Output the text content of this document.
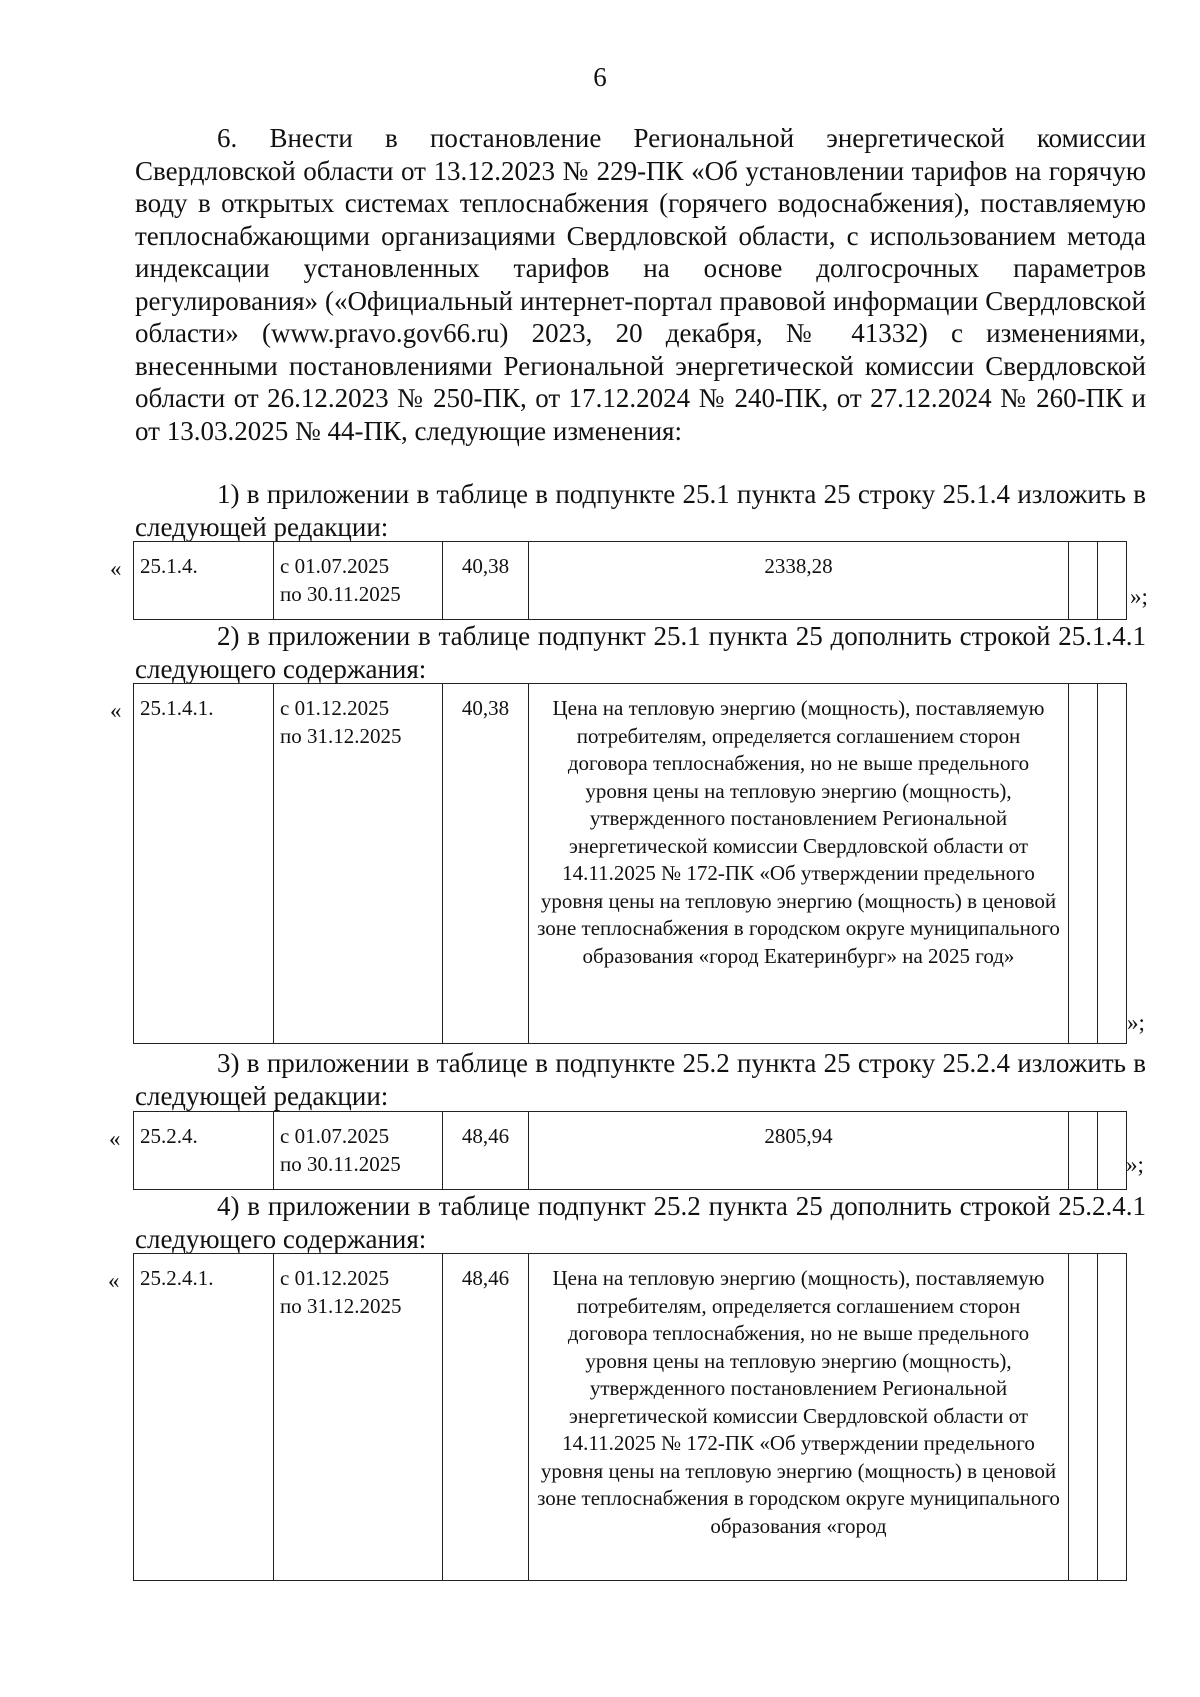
6

6. Внести в постановление Региональной энергетической комиссии Свердловской области от 13.12.2023 № 229-ПК «Об установлении тарифов на горячую воду в открытых системах теплоснабжения (горячего водоснабжения), поставляемую теплоснабжающими организациями Свердловской области, с использованием метода индексации установленных тарифов на основе долгосрочных параметров регулирования» («Официальный интернет-портал правовой информации Свердловской области» (www.pravo.gov66.ru) 2023, 20 декабря, № 41332) с изменениями, внесенными постановлениями Региональной энергетической комиссии Свердловской области от 26.12.2023 № 250-ПК, от 17.12.2024 № 240-ПК, от 27.12.2024 № 260-ПК и от 13.03.2025 № 44-ПК, следующие изменения:

1) в приложении в таблице в подпункте 25.1 пункта 25 строку 25.1.4 изложить в следующей редакции:

« 25.1.4.	с 01.07.2025
по 30.11.2025	40,38	2338,28		
»;

2) в приложении в таблице подпункт 25.1 пункта 25 дополнить строкой 25.1.4.1 следующего содержания:

« 25.1.4.1.	с 01.12.2025
по 31.12.2025	40,38	Цена на тепловую энергию (мощность), поставляемую потребителям, определяется соглашением сторон договора теплоснабжения, но не выше предельного уровня цены на тепловую энергию (мощность), утвержденного постановлением Региональной энергетической комиссии Свердловской области от 14.11.2025 № 172-ПК «Об утверждении предельного уровня цены на тепловую энергию (мощность) в ценовой зоне теплоснабжения в городском округе муниципального образования «город Екатеринбург» на 2025 год»		
»;

3) в приложении в таблице в подпункте 25.2 пункта 25 строку 25.2.4 изложить в следующей редакции:

« 25.2.4.	с 01.07.2025
по 30.11.2025	48,46	2805,94		
»;

4) в приложении в таблице подпункт 25.2 пункта 25 дополнить строкой 25.2.4.1 следующего содержания:

« 25.2.4.1.	с 01.12.2025
по 31.12.2025	48,46	Цена на тепловую энергию (мощность), поставляемую потребителям, определяется соглашением сторон договора теплоснабжения, но не выше предельного уровня цены на тепловую энергию (мощность), утвержденного постановлением Региональной энергетической комиссии Свердловской области от 14.11.2025 № 172-ПК «Об утверждении предельного уровня цены на тепловую энергию (мощность) в ценовой зоне теплоснабжения в городском округе муниципального образования «город		
